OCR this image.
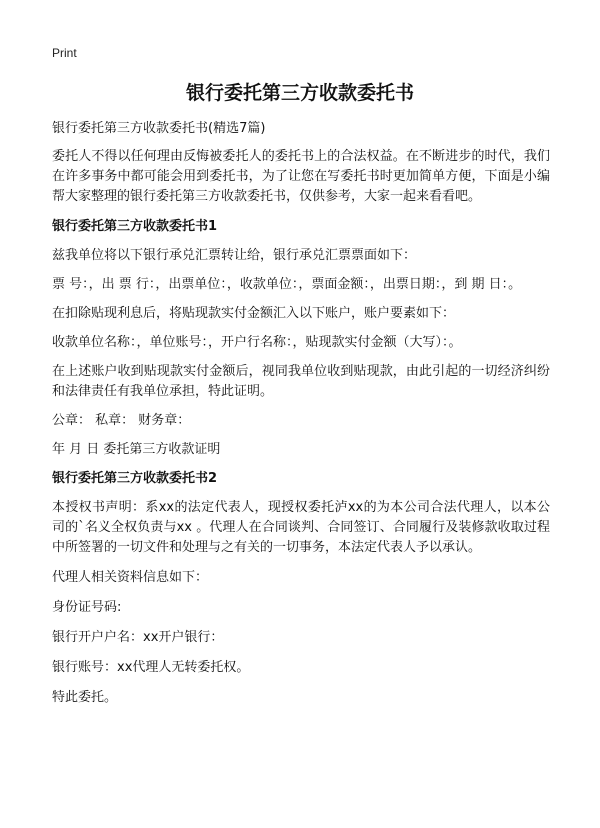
Print
银行委托第三方收款委托书

银行委托第三方收款委托书(精选7篇)

委托人不得以任何理由反悔被委托人的委托书上的合法权益。在不断进步的时代，我们在许多事务中都可能会用到委托书，为了让您在写委托书时更加简单方便，下面是小编帮大家整理的银行委托第三方收款委托书，仅供参考，大家一起来看看吧。

银行委托第三方收款委托书1

兹我单位将以下银行承兑汇票转让给，银行承兑汇票票面如下：

票 号：，出 票 行：，出票单位：，收款单位：，票面金额：，出票日期：，到 期 日：。

在扣除贴现利息后，将贴现款实付金额汇入以下账户，账户要素如下：

收款单位名称：，单位账号：，开户行名称：，贴现款实付金额（大写）：。

在上述账户收到贴现款实付金额后，视同我单位收到贴现款，由此引起的一切经济纠纷和法律责任有我单位承担，特此证明。

公章： 私章： 财务章：

年 月 日 委托第三方收款证明

银行委托第三方收款委托书2

本授权书声明：系xx的法定代表人，现授权委托泸xx的为本公司合法代理人，以本公司的`名义全权负责与xx 。代理人在合同谈判、合同签订、合同履行及装修款收取过程中所签署的一切文件和处理与之有关的一切事务，本法定代表人予以承认。

代理人相关资料信息如下：

身份证号码:

银行开户户名：xx开户银行：

银行账号：xx代理人无转委托权。

特此委托。
